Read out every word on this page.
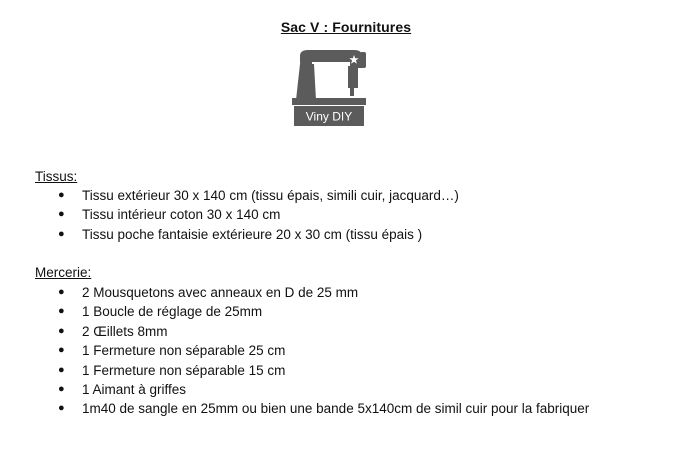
Sac V : Fournitures
Viny DIY
Tissus:
● Tissu extérieur 30 x 140 cm (tissu épais, simili cuir, jacquard…)
● Tissu intérieur coton 30 x 140 cm
● Tissu poche fantaisie extérieure 20 x 30 cm (tissu épais )
Mercerie:
● 2 Mousquetons avec anneaux en D de 25 mm
● 1 Boucle de réglage de 25mm
● 2 Œillets 8mm
● 1 Fermeture non séparable 25 cm
● 1 Fermeture non séparable 15 cm
● 1 Aimant à griffes
● 1m40 de sangle en 25mm ou bien une bande 5x140cm de simil cuir pour la fabriquer
